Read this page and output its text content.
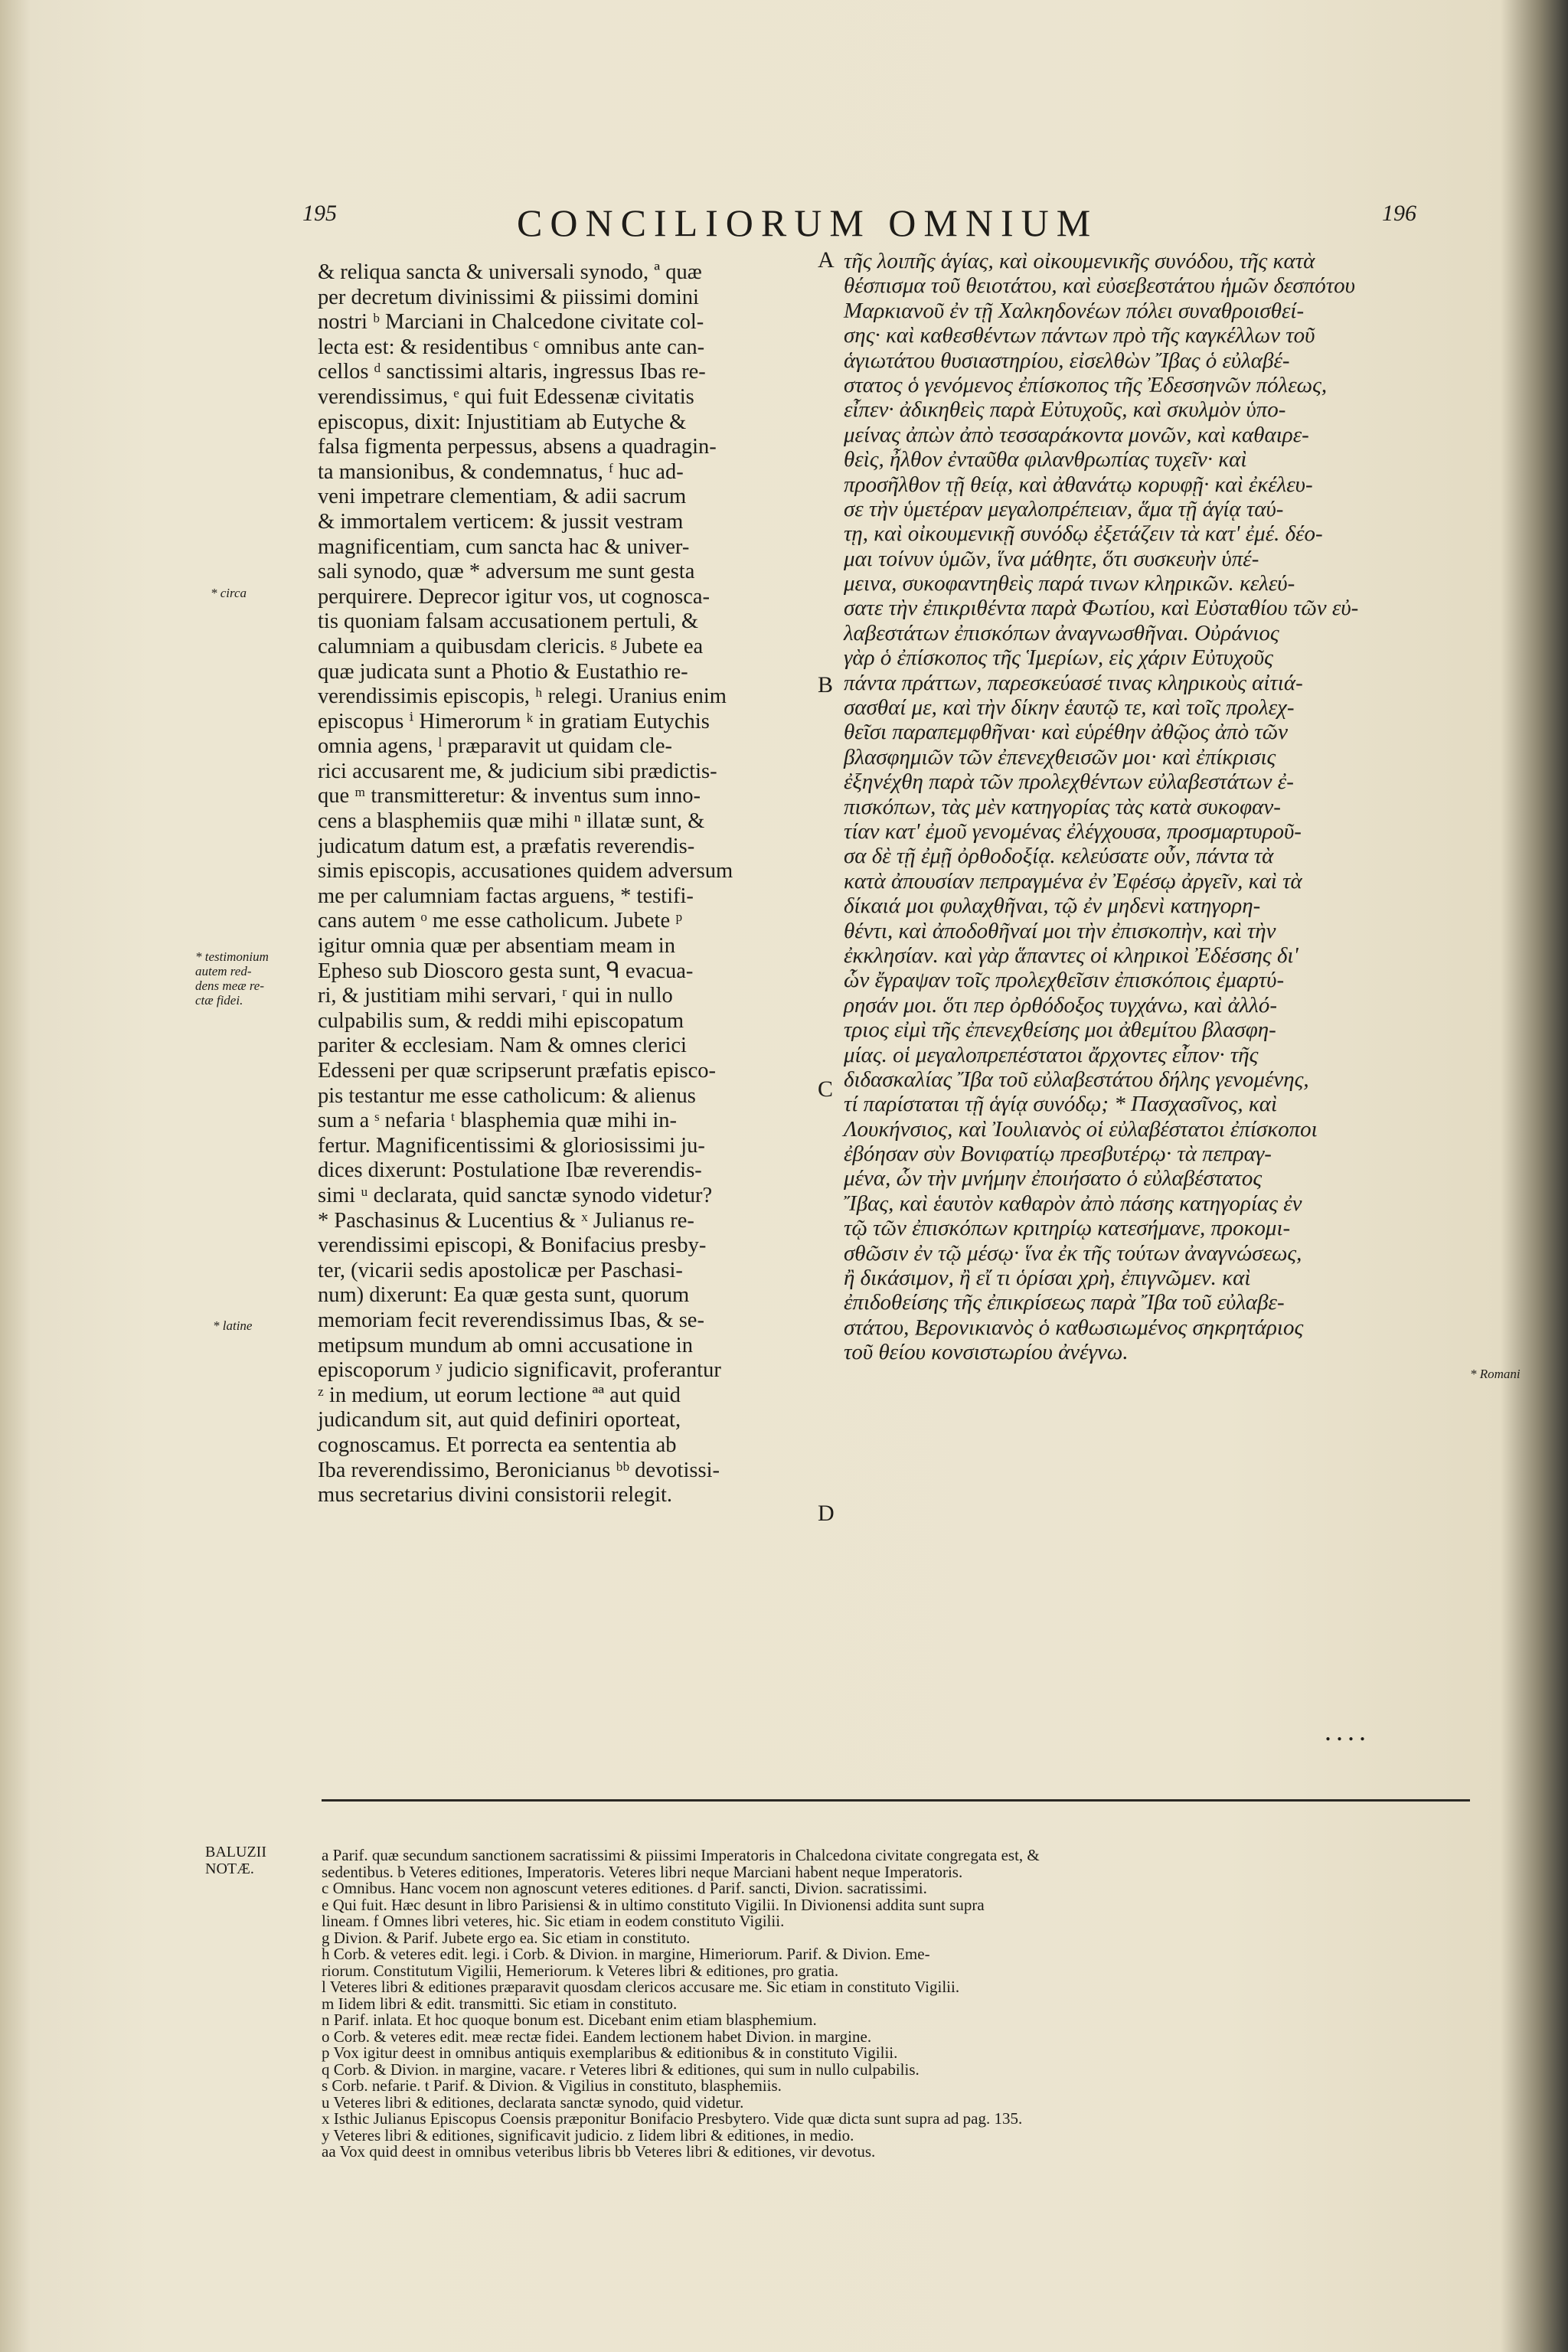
195	CONCILIORUM OMNIUM	196
& reliqua sancta & universali synodo, ª quæ
per decretum divinissimi & piissimi domini
nostri ᵇ Marciani in Chalcedone civitate col-
lecta est: & residentibus ᶜ omnibus ante can-
cellos ᵈ sanctissimi altaris, ingressus Ibas re-
verendissimus, ᵉ qui fuit Edessenæ civitatis
episcopus, dixit: Injustitiam ab Eutyche &
falsa figmenta perpessus, absens a quadragin-
ta mansionibus, & condemnatus, ᶠ huc ad-
veni impetrare clementiam, & adii sacrum
& immortalem verticem: & jussit vestram
magnificentiam, cum sancta hac & univer-
sali synodo, quæ * adversum me sunt gesta
perquirere. Deprecor igitur vos, ut cognosca-
tis quoniam falsam accusationem pertuli, &
calumniam a quibusdam clericis. ᵍ Jubete ea
quæ judicata sunt a Photio & Eustathio re-
verendissimis episcopis, ʰ relegi. Uranius enim
episcopus ⁱ Himerorum ᵏ in gratiam Eutychis
omnia agens, ˡ præparavit ut quidam cle-
rici accusarent me, & judicium sibi prædictis-
que ᵐ transmitteretur: & inventus sum inno-
cens a blasphemiis quæ mihi ⁿ illatæ sunt, &
judicatum datum est, a præfatis reverendis-
simis episcopis, accusationes quidem adversum
me per calumniam factas arguens, * testifi-
cans autem ᵒ me esse catholicum. Jubete ᵖ
igitur omnia quæ per absentiam meam in
Epheso sub Dioscoro gesta sunt, ᑫ evacua-
ri, & justitiam mihi servari, ʳ qui in nullo
culpabilis sum, & reddi mihi episcopatum
pariter & ecclesiam. Nam & omnes clerici
Edesseni per quæ scripserunt præfatis episco-
pis testantur me esse catholicum: & alienus
sum a ˢ nefaria ᵗ blasphemia quæ mihi in-
fertur. Magnificentissimi & gloriosissimi ju-
dices dixerunt: Postulatione Ibæ reverendis-
simi ᵘ declarata, quid sanctæ synodo videtur?
* Paschasinus & Lucentius & ˣ Julianus re-
verendissimi episcopi, & Bonifacius presby-
ter, (vicarii sedis apostolicæ per Paschasi-
num) dixerunt: Ea quæ gesta sunt, quorum
memoriam fecit reverendissimus Ibas, & se-
metipsum mundum ab omni accusatione in
episcoporum ʸ judicio significavit, proferantur
ᶻ in medium, ut eorum lectione ªª aut quid
judicandum sit, aut quid definiri oporteat,
cognoscamus. Et porrecta ea sententia ab
Iba reverendissimo, Beronicianus ᵇᵇ devotissi-
mus secretarius divini consistorii relegit.
τῆς λοιπῆς ἁγίας, καὶ οἰκουμενικῆς συνόδου, τῆς κατὰ
θέσπισμα τοῦ θειοτάτου, καὶ εὐσεβεστάτου ἡμῶν δεσπότου
Μαρκιανοῦ ἐν τῇ Χαλκηδονέων πόλει συναθροισθεί-
σης· καὶ καθεσθέντων πάντων πρὸ τῆς καγκέλλων τοῦ
ἁγιωτάτου θυσιαστηρίου, εἰσελθὼν Ἴβας ὁ εὐλαβέ-
στατος ὁ γενόμενος ἐπίσκοπος τῆς Ἐδεσσηνῶν πόλεως,
εἶπεν· ἀδικηθεὶς παρὰ Εὐτυχοῦς, καὶ σκυλμὸν ὑπο-
μείνας ἀπὼν ἀπὸ τεσσαράκοντα μονῶν, καὶ καθαιρε-
θεὶς, ἦλθον ἐνταῦθα φιλανθρωπίας τυχεῖν· καὶ
προσῆλθον τῇ θείᾳ, καὶ ἀθανάτῳ κορυφῇ· καὶ ἐκέλευ-
σε τὴν ὑμετέραν μεγαλοπρέπειαν, ἅμα τῇ ἁγίᾳ ταύ-
τῃ, καὶ οἰκουμενικῇ συνόδῳ ἐξετάζειν τὰ κατ' ἐμέ. δέο-
μαι τοίνυν ὑμῶν, ἵνα μάθητε, ὅτι συσκευὴν ὑπέ-
μεινα, συκοφαντηθεὶς παρά τινων κληρικῶν. κελεύ-
σατε τὴν ἐπικριθέντα παρὰ Φωτίου, καὶ Εὐσταθίου τῶν εὐ-
λαβεστάτων ἐπισκόπων ἀναγνωσθῆναι. Οὐράνιος
γὰρ ὁ ἐπίσκοπος τῆς Ἱμερίων, εἰς χάριν Εὐτυχοῦς
πάντα πράττων, παρεσκεύασέ τινας κληρικοὺς αἰτιά-
σασθαί με, καὶ τὴν δίκην ἑαυτῷ τε, καὶ τοῖς προλεχ-
θεῖσι παραπεμφθῆναι· καὶ εὑρέθην ἀθῷος ἀπὸ τῶν
βλασφημιῶν τῶν ἐπενεχθεισῶν μοι· καὶ ἐπίκρισις
ἐξηνέχθη παρὰ τῶν προλεχθέντων εὐλαβεστάτων ἐ-
πισκόπων, τὰς μὲν κατηγορίας τὰς κατὰ συκοφαν-
τίαν κατ' ἐμοῦ γενομένας ἐλέγχουσα, προσμαρτυροῦ-
σα δὲ τῇ ἐμῇ ὀρθοδοξίᾳ. κελεύσατε οὖν, πάντα τὰ
κατὰ ἀπουσίαν πεπραγμένα ἐν Ἐφέσῳ ἀργεῖν, καὶ τὰ
δίκαιά μοι φυλαχθῆναι, τῷ ἐν μηδενὶ κατηγορη-
θέντι, καὶ ἀποδοθῆναί μοι τὴν ἐπισκοπὴν, καὶ τὴν
ἐκκλησίαν. καὶ γὰρ ἅπαντες οἱ κληρικοὶ Ἐδέσσης δι'
ὧν ἔγραψαν τοῖς προλεχθεῖσιν ἐπισκόποις ἐμαρτύ-
ρησάν μοι. ὅτι περ ὀρθόδοξος τυγχάνω, καὶ ἀλλό-
τριος εἰμὶ τῆς ἐπενεχθείσης μοι ἀθεμίτου βλασφη-
μίας. οἱ μεγαλοπρεπέστατοι ἄρχοντες εἶπον· τῆς
διδασκαλίας Ἴβα τοῦ εὐλαβεστάτου δήλης γενομένης,
τί παρίσταται τῇ ἁγίᾳ συνόδῳ; * Πασχασῖνος, καὶ
Λουκήνσιος, καὶ Ἰουλιανὸς οἱ εὐλαβέστατοι ἐπίσκοποι
ἐβόησαν σὺν Βονιφατίῳ πρεσβυτέρῳ· τὰ πεπραγ-
μένα, ὧν τὴν μνήμην ἐποιήσατο ὁ εὐλαβέστατος
Ἴβας, καὶ ἑαυτὸν καθαρὸν ἀπὸ πάσης κατηγορίας ἐν
τῷ τῶν ἐπισκόπων κριτηρίῳ κατεσήμανε, προκομι-
σθῶσιν ἐν τῷ μέσῳ· ἵνα ἐκ τῆς τούτων ἀναγνώσεως,
ἢ δικάσιμον, ἢ εἴ τι ὁρίσαι χρὴ, ἐπιγνῶμεν. καὶ
ἐπιδοθείσης τῆς ἐπικρίσεως παρὰ Ἴβα τοῦ εὐλαβε-
στάτου, Βερονικιανὸς ὁ καθωσιωμένος σηκρητάριος
τοῦ θείου κονσιστωρίου ἀνέγνω.
A
B
C
D
* circa
* testimonium
autem red-
dens meæ re-
ctæ fidei.
* latine
* Romani
....
BALUZII
NOTÆ.
a Parif. quæ secundum sanctionem sacratissimi & piissimi Imperatoris in Chalcedona civitate congregata est, &
sedentibus. b Veteres editiones, Imperatoris. Veteres libri neque Marciani habent neque Imperatoris.
c Omnibus. Hanc vocem non agnoscunt veteres editiones. d Parif. sancti, Divion. sacratissimi.
e Qui fuit. Hæc desunt in libro Parisiensi & in ultimo constituto Vigilii. In Divionensi addita sunt supra
lineam. f Omnes libri veteres, hic. Sic etiam in eodem constituto Vigilii.
g Divion. & Parif. Jubete ergo ea. Sic etiam in constituto.
h Corb. & veteres edit. legi. i Corb. & Divion. in margine, Himeriorum. Parif. & Divion. Eme-
riorum. Constitutum Vigilii, Hemeriorum. k Veteres libri & editiones, pro gratia.
l Veteres libri & editiones præparavit quosdam clericos accusare me. Sic etiam in constituto Vigilii.
m Iidem libri & edit. transmitti. Sic etiam in constituto.
n Parif. inlata. Et hoc quoque bonum est. Dicebant enim etiam blasphemium.
o Corb. & veteres edit. meæ rectæ fidei. Eandem lectionem habet Divion. in margine.
p Vox igitur deest in omnibus antiquis exemplaribus & editionibus & in constituto Vigilii.
q Corb. & Divion. in margine, vacare. r Veteres libri & editiones, qui sum in nullo culpabilis.
s Corb. nefarie. t Parif. & Divion. & Vigilius in constituto, blasphemiis.
u Veteres libri & editiones, declarata sanctæ synodo, quid videtur.
x Isthic Julianus Episcopus Coensis præponitur Bonifacio Presbytero. Vide quæ dicta sunt supra ad pag. 135.
y Veteres libri & editiones, significavit judicio. z Iidem libri & editiones, in medio.
aa Vox quid deest in omnibus veteribus libris bb Veteres libri & editiones, vir devotus.
